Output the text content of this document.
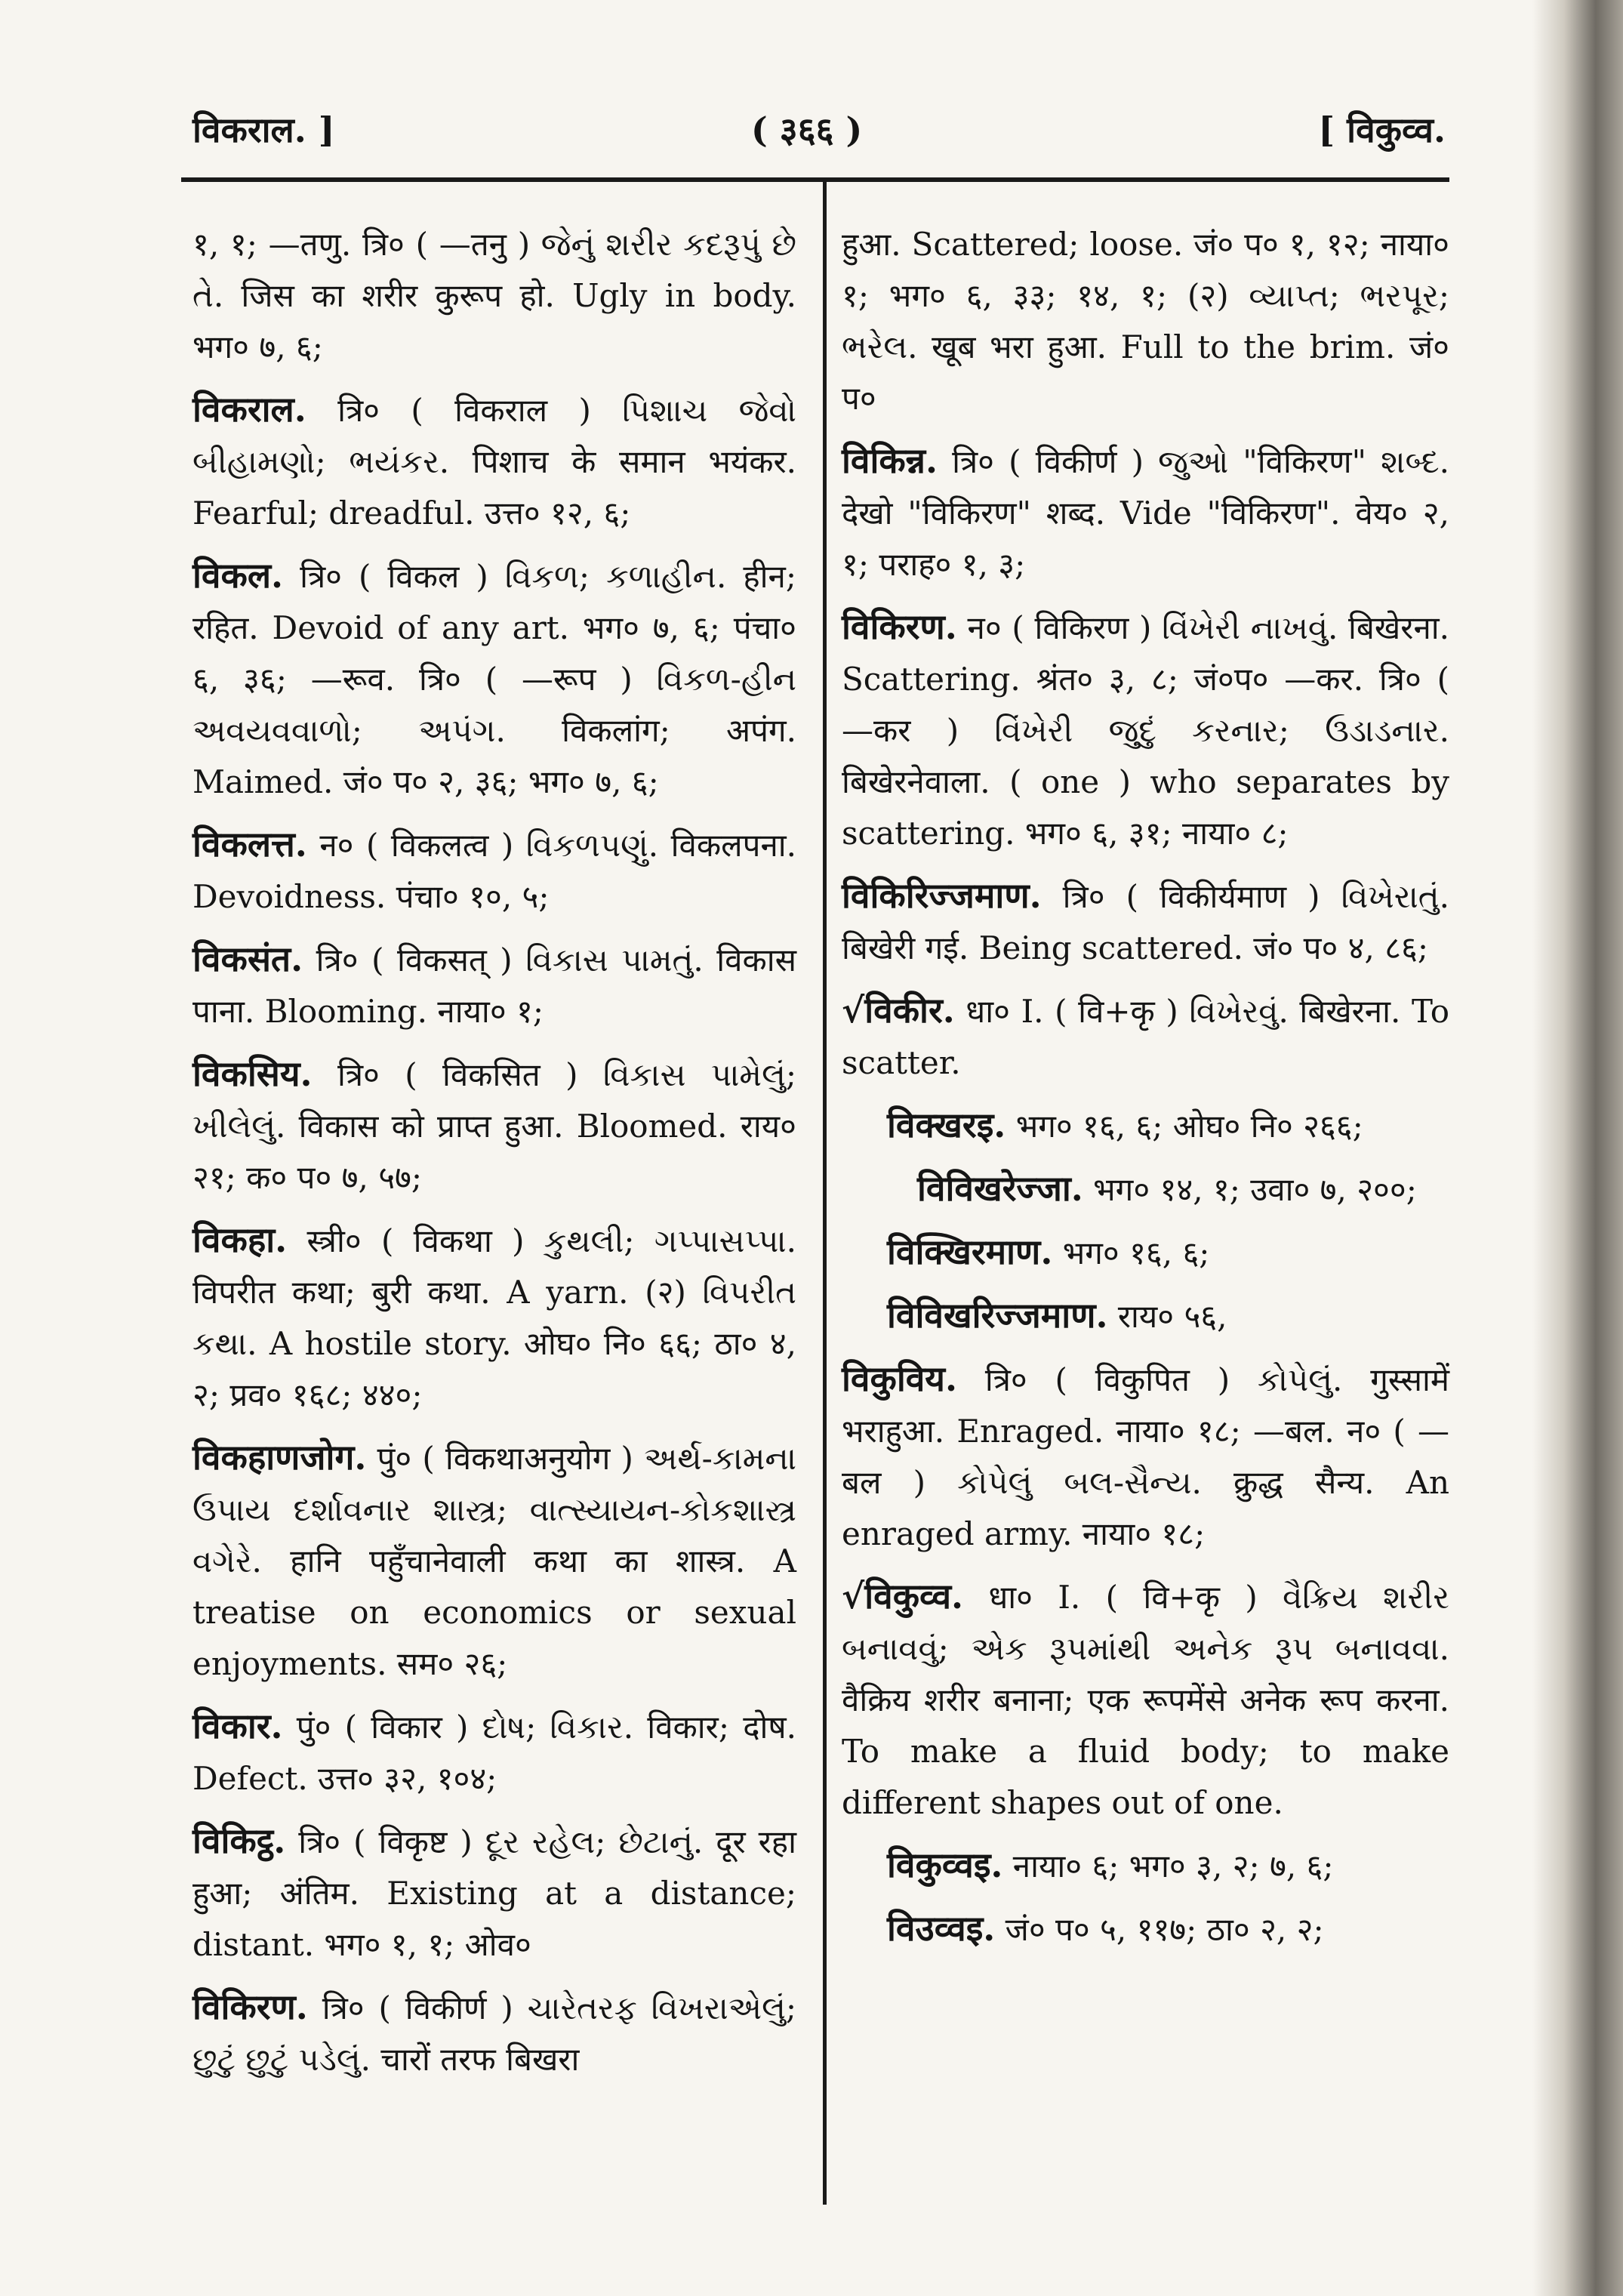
विकराल. ]	( ३६६ )	[ विकुव्व.
१, १; —तणु. त्रि० ( —तनु ) જેનું શરીર કદરૂપું છે તે. जिस का शरीर कुरूप हो. Ugly in body. भग० ७, ६;
विकराल. त्रि० ( विकराल ) પિશાચ જેવો બીહામણો; ભયંકર. पिशाच के समान भयंकर. Fearful; dreadful. उत्त० १२, ६;
विकल. त्रि० ( विकल ) વિકળ; કળાહીન. हीन; रहित. Devoid of any art. भग० ७, ६; पंचा० ६, ३६; —रूव. त्रि० ( —रूप ) વિકળ-હીન અવયવવાળો; અપંગ. विकलांग; अपंग. Maimed. जं० प० २, ३६; भग० ७, ६;
विकलत्त. न० ( विकलत्व ) વિકળપણું. विकलपना. Devoidness. पंचा० १०, ५;
विकसंत. त्रि० ( विकसत् ) વિકાસ પામતું. विकास पाना. Blooming. नाया० १;
विकसिय. त्रि० ( विकसित ) વિકાસ પામેલું; ખીલેલું. विकास को प्राप्त हुआ. Bloomed. राय० २१; क० प० ७, ५७;
विकहा. स्त्री० ( विकथा ) કુથલી; ગપ્પાસપ્પા. विपरीत कथा; बुरी कथा. A yarn. (२) વિપરીત કથા. A hostile story. ओघ० नि० ६६; ठा० ४, २; प्रव० १६८; ४४०;
विकहाणजोग. पुं० ( विकथाअनुयोग ) અર્થ-કામના ઉપાય દર્શાવનાર શાસ્ત્ર; વાત્સ્યાયન-કોકશાસ્ત્ર વગેરે. हानि पहुँचानेवाली कथा का शास्त्र. A treatise on economics or sexual enjoyments. सम० २६;
विकार. पुं० ( विकार ) દોષ; વિકાર. विकार; दोष. Defect. उत्त० ३२, १०४;
विकिट्ठ. त्रि० ( विकृष्ट ) દૂર રહેલ; છેટાનું. दूर रहा हुआ; अंतिम. Existing at a distance; distant. भग० १, १; ओव०
विकिरण. त्रि० ( विकीर्ण ) ચારેતરફ વિખરાએલું; છુટું છુટું પડેલું. चारों तरफ बिखरा
हुआ. Scattered; loose. जं० प० १, १२; नाया० १; भग० ६, ३३; १४, १; (२) વ્યાપ્ત; ભરપૂર; ભરેલ. खूब भरा हुआ. Full to the brim. जं० प०
विकिन्न. त्रि० ( विकीर्ण ) જુઓ "विकिरण" શબ્દ. देखो "विकिरण" शब्द. Vide "विकिरण". वेय० २, १; पराह० १, ३;
विकिरण. न० ( विकिरण ) વિંખેરી નાખવું. बिखेरना. Scattering. श्रंत० ३, ८; जं०प० —कर. त्रि० ( —कर ) વિંખેરી જુદું કરનાર; ઉડાડનાર. बिखेरनेवाला. ( one ) who separates by scattering. भग० ६, ३१; नाया० ८;
विकिरिज्जमाण. त्रि० ( विकीर्यमाण ) વિખેરાતું. बिखेरी गई. Being scattered. जं० प० ४, ८६;
√विकीर. धा० I. ( वि+कृ ) વિખેરવું. बिखेरना. To scatter.
विक्खरइ. भग० १६, ६; ओघ० नि० २६६;
विविखरेज्जा. भग० १४, १; उवा० ७, २००;
विक्खिरमाण. भग० १६, ६;
विविखरिज्जमाण. राय० ५६,
विकुविय. त्रि० ( विकुपित ) કોપેલું. गुस्सामें भराहुआ. Enraged. नाया० १८; —बल. न० ( —बल ) કોપેલું બલ-સૈન્ય. क्रुद्ध सैन्य. An enraged army. नाया० १८;
√विकुव्व. धा० I. ( वि+कृ ) વૈક્રિય શરીર બનાવવું; એક રૂપમાંથી અનેક રૂપ બનાવવા. वैक्रिय शरीर बनाना; एक रूपमेंसे अनेक रूप करना. To make a fluid body; to make different shapes out of one.
विकुव्वइ. नाया० ६; भग० ३, २; ७, ६;
विउव्वइ. जं० प० ५, ११७; ठा० २, २;
